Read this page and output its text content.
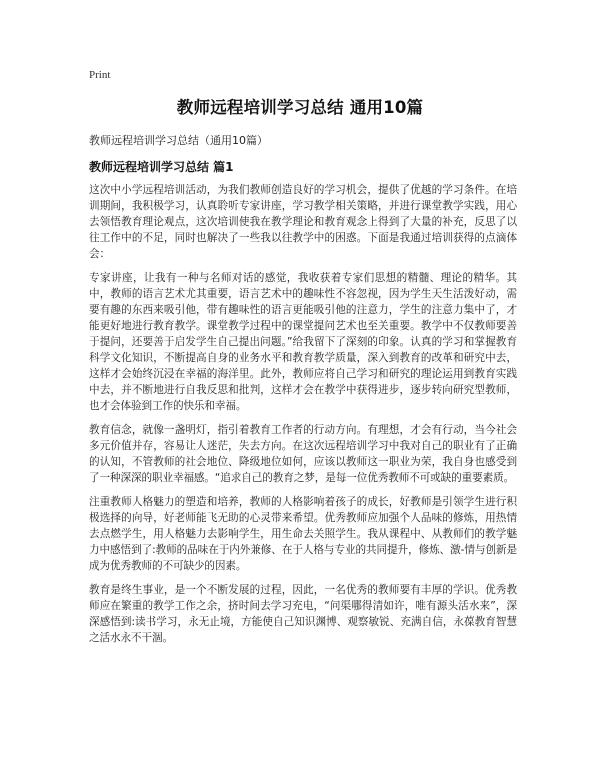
Print
教师远程培训学习总结 通用10篇
教师远程培训学习总结（通用10篇）
教师远程培训学习总结 篇1

这次中小学远程培训活动，为我们教师创造良好的学习机会，提供了优越的学习条件。在培训期间，我积极学习，认真聆听专家讲座，学习教学相关策略，并进行课堂教学实践，用心去领悟教育理论观点，这次培训使我在教学理论和教育观念上得到了大量的补充，反思了以往工作中的不足，同时也解决了一些我以往教学中的困惑。下面是我通过培训获得的点滴体会：

专家讲座，让我有一种与名师对话的感觉，我收获着专家们思想的精髓、理论的精华。其中，教师的语言艺术尤其重要，语言艺术中的趣味性不容忽视，因为学生天生活泼好动，需要有趣的东西来吸引他，带有趣味性的语言更能吸引他的注意力，学生的注意力集中了，才能更好地进行教育教学。课堂教学过程中的课堂提问艺术也至关重要。教学中不仅教师要善于提问，还要善于启发学生自己提出问题。”给我留下了深刻的印象。认真的学习和掌握教育科学文化知识，不断提高自身的业务水平和教育教学质量，深入到教育的改革和研究中去，这样才会始终沉浸在幸福的海洋里。此外，教师应将自己学习和研究的理论运用到教育实践中去，并不断地进行自我反思和批判，这样才会在教学中获得进步，逐步转向研究型教师，也才会体验到工作的快乐和幸福。

教育信念，就像一盏明灯，指引着教育工作者的行动方向。有理想，才会有行动，当今社会多元价值并存，容易让人迷茫，失去方向。在这次远程培训学习中我对自己的职业有了正确的认知，不管教师的社会地位、降级地位如何，应该以教师这一职业为荣，我自身也感受到了一种深深的职业幸福感。“追求自己的教育之梦，是每一位优秀教师不可或缺的重要素质。

注重教师人格魅力的塑造和培养，教师的人格影响着孩子的成长，好教师是引领学生进行积极选择的向导，好老师能飞无助的心灵带来希望。优秀教师应加强个人品味的修炼，用热情去点燃学生，用人格魅力去影响学生，用生命去关照学生。我从课程中、从教师们的教学魅力中感悟到了:教师的品味在于内外兼修、在于人格与专业的共同提升，修炼、激-情与创新是成为优秀教师的不可缺少的因素。

教育是终生事业，是一个不断发展的过程，因此，一名优秀的教师要有丰厚的学识。优秀教师应在繁重的教学工作之余，挤时间去学习充电，“问渠哪得清如许，唯有源头活水来”，深深感悟到:读书学习，永无止境，方能使自己知识渊博、观察敏锐、充满自信，永葆教育智慧之活水永不干涸。
